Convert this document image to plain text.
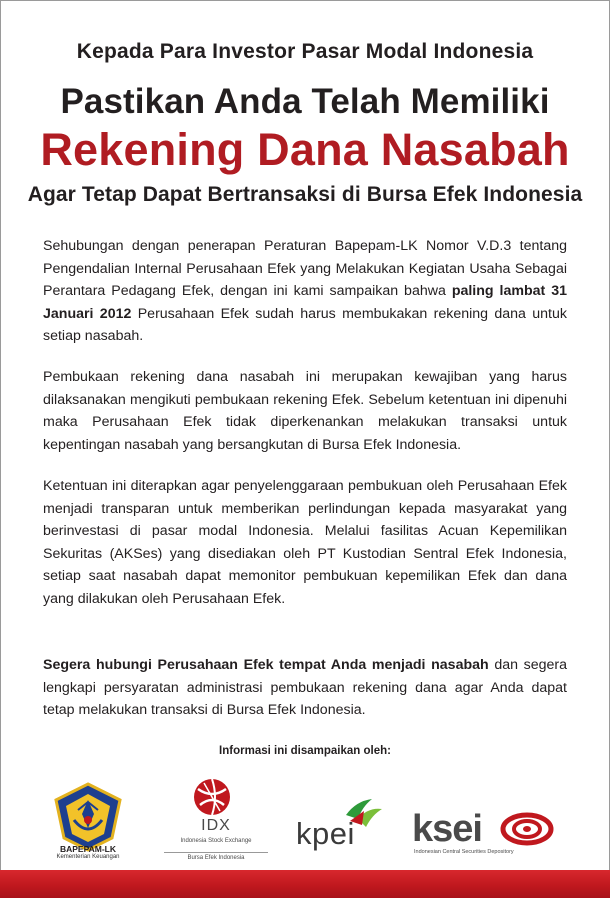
Kepada Para Investor Pasar Modal Indonesia
Pastikan Anda Telah Memiliki
Rekening Dana Nasabah
Agar Tetap Dapat Bertransaksi di Bursa Efek Indonesia
Sehubungan dengan penerapan Peraturan Bapepam-LK Nomor V.D.3 tentang Pengendalian Internal Perusahaan Efek yang Melakukan Kegiatan Usaha Sebagai Perantara Pedagang Efek, dengan ini kami sampaikan bahwa paling lambat 31 Januari 2012 Perusahaan Efek sudah harus membukakan rekening dana untuk setiap nasabah.
Pembukaan rekening dana nasabah ini merupakan kewajiban yang harus dilaksanakan mengikuti pembukaan rekening Efek. Sebelum ketentuan ini dipenuhi maka Perusahaan Efek tidak diperkenankan melakukan transaksi untuk kepentingan nasabah yang bersangkutan di Bursa Efek Indonesia.
Ketentuan ini diterapkan agar penyelenggaraan pembukuan oleh Perusahaan Efek menjadi transparan untuk memberikan perlindungan kepada masyarakat yang berinvestasi di pasar modal Indonesia. Melalui fasilitas Acuan Kepemilikan Sekuritas (AKSes) yang disediakan oleh PT Kustodian Sentral Efek Indonesia, setiap saat nasabah dapat memonitor pembukuan kepemilikan Efek dan dana yang dilakukan oleh Perusahaan Efek.
Segera hubungi Perusahaan Efek tempat Anda menjadi nasabah dan segera lengkapi persyaratan administrasi pembukaan rekening dana agar Anda dapat tetap melakukan transaksi di Bursa Efek Indonesia.
Informasi ini disampaikan oleh:
BAPEPAM-LK
Kementerian Keuangan
IDX
Indonesia Stock Exchange
Bursa Efek Indonesia
kpei ksei
Indonesian Central Securities Depository
